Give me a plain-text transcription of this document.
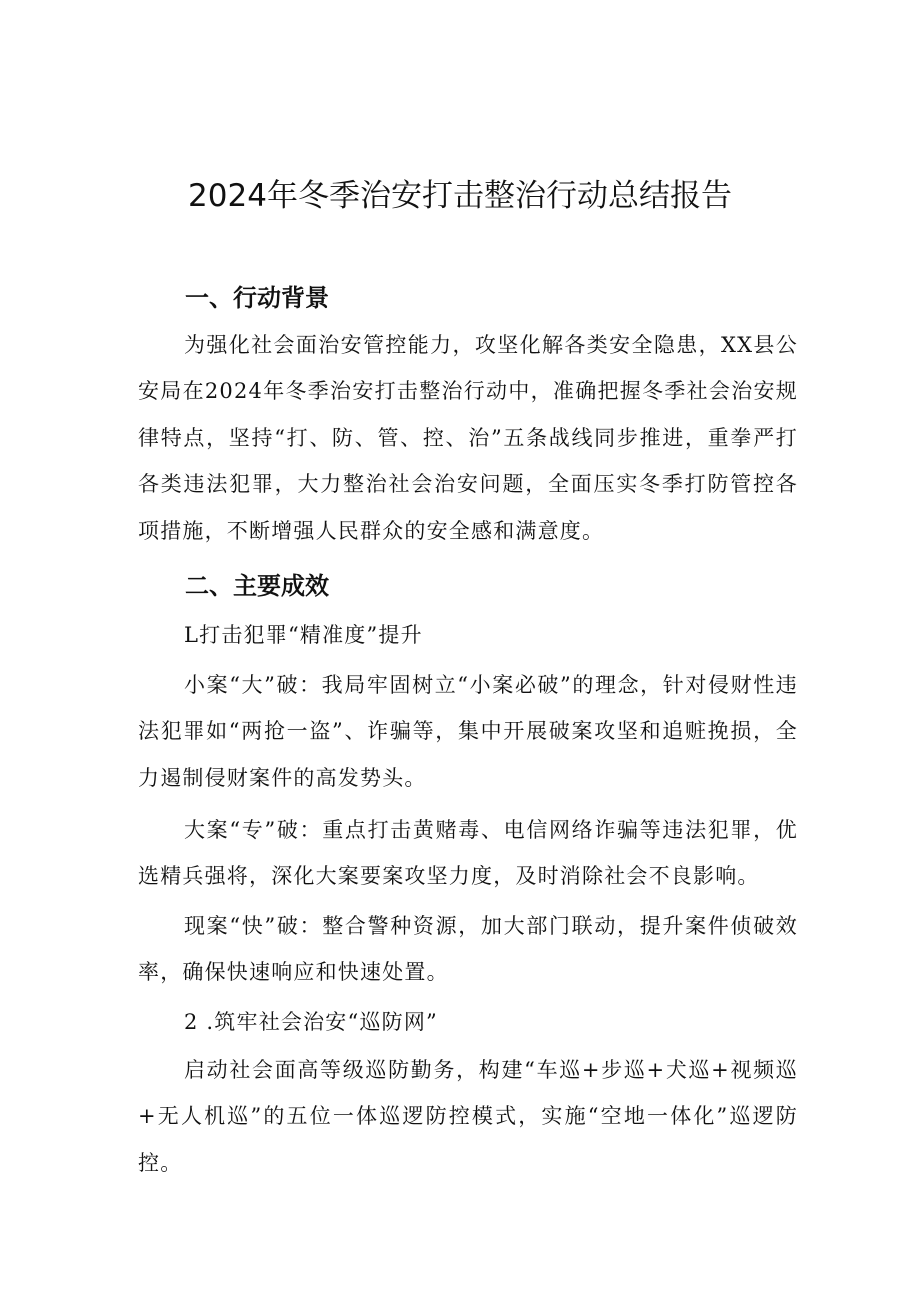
2024年冬季治安打击整治行动总结报告
一、行动背景

为强化社会面治安管控能力，攻坚化解各类安全隐患，XX县公安局在2024年冬季治安打击整治行动中，准确把握冬季社会治安规律特点，坚持“打、防、管、控、治”五条战线同步推进，重拳严打各类违法犯罪，大力整治社会治安问题，全面压实冬季打防管控各项措施，不断增强人民群众的安全感和满意度。

二、主要成效

L打击犯罪“精准度”提升

小案“大”破：我局牢固树立“小案必破”的理念，针对侵财性违法犯罪如“两抢一盗”、诈骗等，集中开展破案攻坚和追赃挽损，全力遏制侵财案件的高发势头。

大案“专”破：重点打击黄赌毒、电信网络诈骗等违法犯罪，优选精兵强将，深化大案要案攻坚力度，及时消除社会不良影响。

现案“快”破：整合警种资源，加大部门联动，提升案件侦破效率，确保快速响应和快速处置。

2 .筑牢社会治安“巡防网”

启动社会面高等级巡防勤务，构建“车巡+步巡+犬巡+视频巡+无人机巡”的五位一体巡逻防控模式，实施“空地一体化”巡逻防控。
